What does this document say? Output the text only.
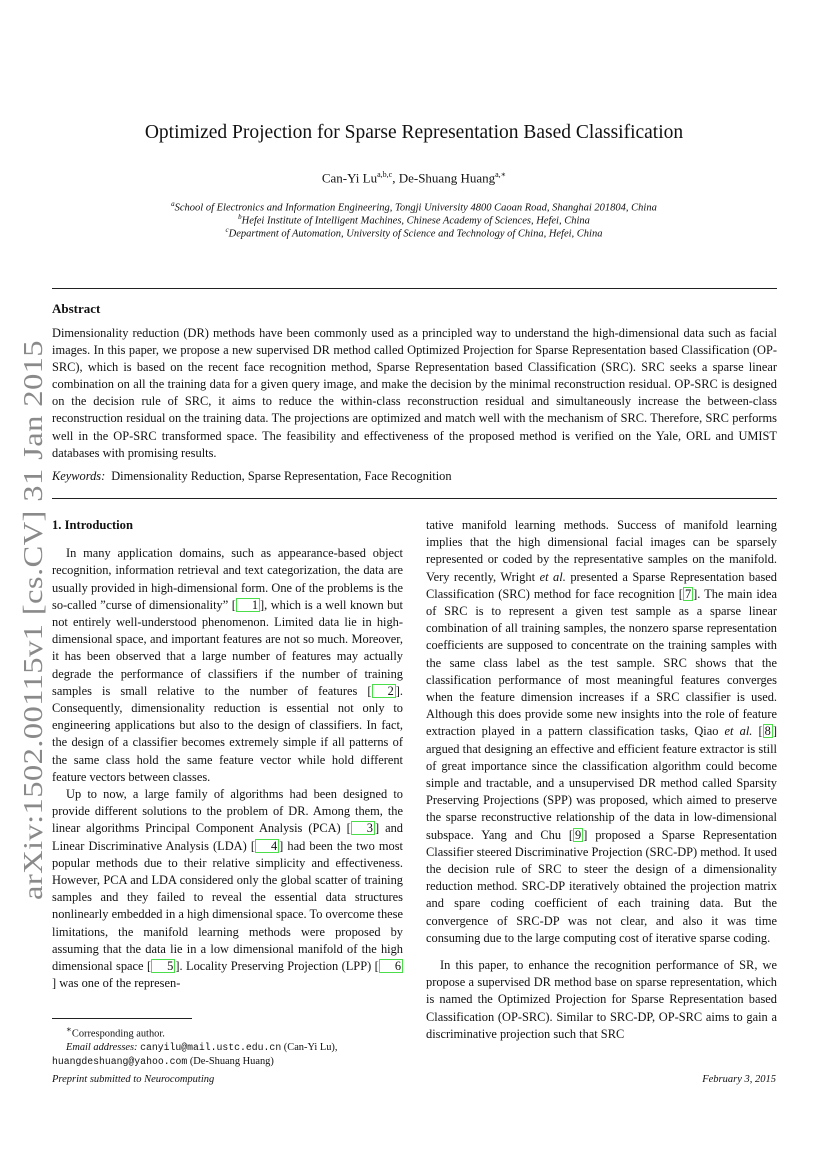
arXiv:1502.00115v1 [cs.CV] 31 Jan 2015
Optimized Projection for Sparse Representation Based Classification
Can-Yi Lu$^{a,b,c}$, De-Shuang Huang$^{a,∗}$
$^a$School of Electronics and Information Engineering, Tongji University 4800 Caoan Road, Shanghai 201804, China
$^b$Hefei Institute of Intelligent Machines, Chinese Academy of Sciences, Hefei, China
$^c$Department of Automation, University of Science and Technology of China, Hefei, China
Abstract
Dimensionality reduction (DR) methods have been commonly used as a principled way to understand the high-dimensional data such as facial images. In this paper, we propose a new supervised DR method called Optimized Projection for Sparse Representation based Classification (OP-SRC), which is based on the recent face recognition method, Sparse Representation based Classification (SRC). SRC seeks a sparse linear combination on all the training data for a given query image, and make the decision by the minimal reconstruction residual. OP-SRC is designed on the decision rule of SRC, it aims to reduce the within-class reconstruction residual and simultaneously increase the between-class reconstruction residual on the training data. The projections are optimized and match well with the mechanism of SRC. Therefore, SRC performs well in the OP-SRC transformed space. The feasibility and effectiveness of the proposed method is verified on the Yale, ORL and UMIST databases with promising results.
Keywords: Dimensionality Reduction, Sparse Representation, Face Recognition
1. Introduction

In many application domains, such as appearance-based object recognition, information retrieval and text categorization, the data are usually provided in high-dimensional form. One of the problems is the so-called ”curse of dimensionality” [ 1 ], which is a well known but not entirely well-understood phenomenon. Limited data lie in high-dimensional space, and important features are not so much. Moreover, it has been observed that a large number of features may actually degrade the performance of classifiers if the number of training samples is small relative to the number of features [ 2 ]. Consequently, dimensionality reduction is essential not only to engineering applications but also to the design of classifiers. In fact, the design of a classifier becomes extremely simple if all patterns of the same class hold the same feature vector while hold different feature vectors between classes.

Up to now, a large family of algorithms had been designed to provide different solutions to the problem of DR. Among them, the linear algorithms Principal Component Analysis (PCA) [ 3 ] and Linear Discriminative Analysis (LDA) [ 4 ] had been the two most popular methods due to their relative simplicity and effectiveness. However, PCA and LDA considered only the global scatter of training samples and they failed to reveal the essential data structures nonlinearly embedded in a high dimensional space. To overcome these limitations, the manifold learning methods were proposed by assuming that the data lie in a low dimensional manifold of the high dimensional space [ 5 ]. Locality Preserving Projection (LPP) [ 6] was one of the represen-

tative manifold learning methods. Success of manifold learning implies that the high dimensional facial images can be sparsely represented or coded by the representative samples on the manifold. Very recently, Wright et al. presented a Sparse Representation based Classification (SRC) method for face recognition [ 7 ]. The main idea of SRC is to represent a given test sample as a sparse linear combination of all training samples, the nonzero sparse representation coefficients are supposed to concentrate on the training samples with the same class label as the test sample. SRC shows that the classification performance of most meaningful features converges when the feature dimension increases if a SRC classifier is used. Although this does provide some new insights into the role of feature extraction played in a pattern classification tasks, Qiao et al. [ 8 ] argued that designing an effective and efficient feature extractor is still of great importance since the classification algorithm could become simple and tractable, and a unsupervised DR method called Sparsity Preserving Projections (SPP) was proposed, which aimed to preserve the sparse reconstructive relationship of the data in low-dimensional subspace. Yang and Chu [ 9 ] proposed a Sparse Representation Classifier steered Discriminative Projection (SRC-DP) method. It used the decision rule of SRC to steer the design of a dimensionality reduction method. SRC-DP iteratively obtained the projection matrix and spare coding coefficient of each training data. But the convergence of SRC-DP was not clear, and also it was time consuming due to the large computing cost of iterative sparse coding.

In this paper, to enhance the recognition performance of SR, we propose a supervised DR method base on sparse representation, which is named the Optimized Projection for Sparse Representation based Classification (OP-SRC). Similar to SRC-DP, OP-SRC aims to gain a discriminative projection such that SRC

∗Corresponding author.
Email addresses: canyilu@mail.ustc.edu.cn (Can-Yi Lu),
huangdeshuang@yahoo.com (De-Shuang Huang)
Preprint submitted to Neurocomputing	February 3, 2015
